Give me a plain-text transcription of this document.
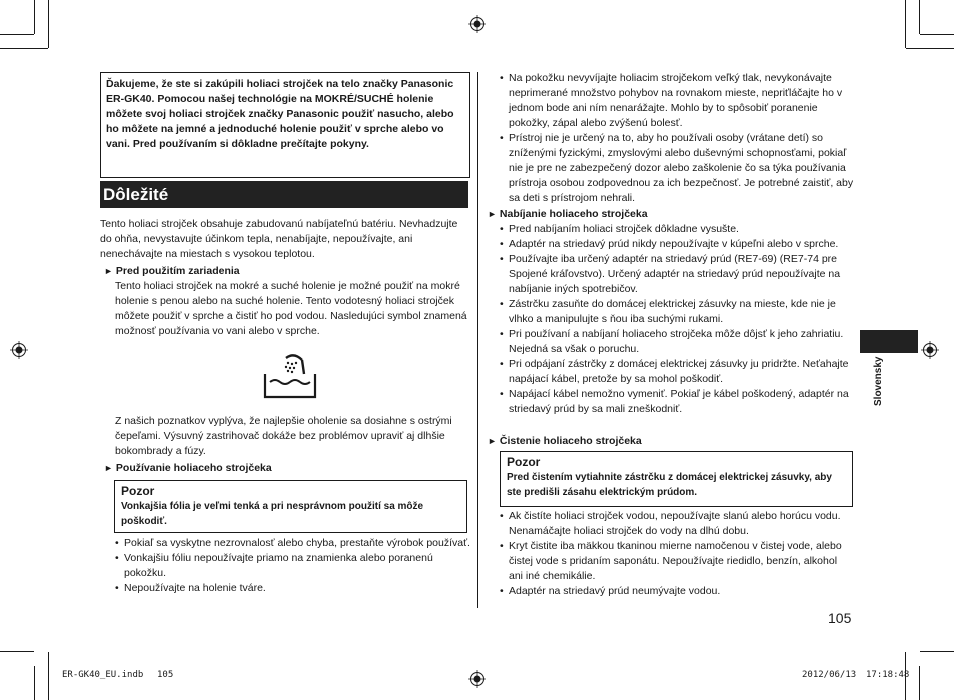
Ďakujeme, že ste si zakúpili holiaci strojček na telo značky Panasonic ER-GK40. Pomocou našej technológie na MOKRÉ/SUCHÉ holenie môžete svoj holiaci strojček značky Panasonic použiť nasucho, alebo ho môžete na jemné a jednoduché holenie použiť v sprche alebo vo vani. Pred používaním si dôkladne prečítajte pokyny.
Dôležité
Tento holiaci strojček obsahuje zabudovanú nabíjateľnú batériu. Nevhadzujte do ohňa, nevystavujte účinkom tepla, nenabíjajte, nepoužívajte, ani nenechávajte na miestach s vysokou teplotou.
► Pred použitím zariadenia
Tento holiaci strojček na mokré a suché holenie je možné použiť na mokré holenie s penou alebo na suché holenie. Tento vodotesný holiaci strojček môžete použiť v sprche a čistiť ho pod vodou. Nasledujúci symbol znamená možnosť používania vo vani alebo v sprche.
Z našich poznatkov vyplýva, že najlepšie oholenie sa dosiahne s ostrými čepeľami. Výsuvný zastrihovač dokáže bez problémov upraviť aj dlhšie bokombrady a fúzy.
► Používanie holiaceho strojčeka
Pozor
Vonkajšia fólia je veľmi tenká a pri nesprávnom použití sa môže poškodiť.
• Pokiaľ sa vyskytne nezrovnalosť alebo chyba, prestaňte výrobok používať.
• Vonkajšiu fóliu nepoužívajte priamo na znamienka alebo poranenú pokožku.
• Nepoužívajte na holenie tváre.
• Na pokožku nevyvíjajte holiacim strojčekom veľký tlak, nevykonávajte neprimerané množstvo pohybov na rovnakom mieste, nepriťláčajte ho v jednom bode ani ním nenarážajte. Mohlo by to spôsobiť poranenie pokožky, zápal alebo zvýšenú bolesť.
• Prístroj nie je určený na to, aby ho používali osoby (vrátane detí) so zníženými fyzickými, zmyslovými alebo duševnými schopnosťami, pokiaľ nie je pre ne zabezpečený dozor alebo zaškolenie čo sa týka používania prístroja osobou zodpovednou za ich bezpečnosť. Je potrebné zaistiť, aby sa deti s prístrojom nehrali.
► Nabíjanie holiaceho strojčeka
• Pred nabíjaním holiaci strojček dôkladne vysušte.
• Adaptér na striedavý prúd nikdy nepoužívajte v kúpeľni alebo v sprche.
• Používajte iba určený adaptér na striedavý prúd (RE7-69) (RE7-74 pre Spojené kráľovstvo). Určený adaptér na striedavý prúd nepoužívajte na nabíjanie iných spotrebičov.
• Zástrčku zasuňte do domácej elektrickej zásuvky na mieste, kde nie je vlhko a manipulujte s ňou iba suchými rukami.
• Pri používaní a nabíjaní holiaceho strojčeka môže dôjsť k jeho zahriatiu. Nejedná sa však o poruchu.
• Pri odpájaní zástrčky z domácej elektrickej zásuvky ju pridržte. Neťahajte napájací kábel, pretože by sa mohol poškodiť.
• Napájací kábel nemožno vymeniť. Pokiaľ je kábel poškodený, adaptér na striedavý prúd by sa mali zneškodniť.
► Čistenie holiaceho strojčeka
Pozor
Pred čistením vytiahnite zástrčku z domácej elektrickej zásuvky, aby ste predišli zásahu elektrickým prúdom.
• Ak čistíte holiaci strojček vodou, nepoužívajte slanú alebo horúcu vodu. Nenamáčajte holiaci strojček do vody na dlhú dobu.
• Kryt čistite iba mäkkou tkaninou mierne namočenou v čistej vode, alebo čistej vode s pridaním saponátu. Nepoužívajte riedidlo, benzín, alkohol ani iné chemikálie.
• Adaptér na striedavý prúd neumývajte vodou.
Slovensky
105
ER-GK40_EU.indb 105	2012/06/13 17:18:48
